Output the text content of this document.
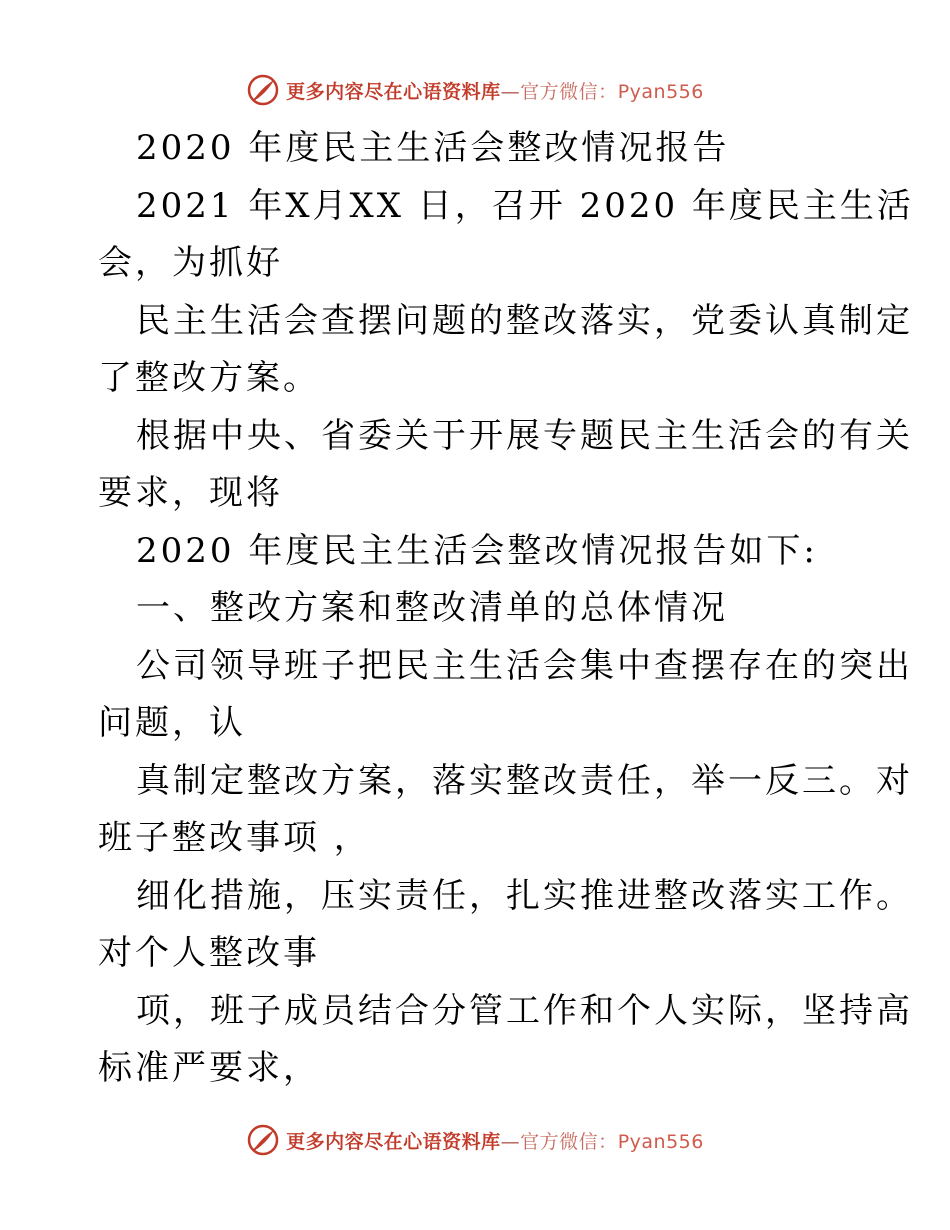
更多内容尽在心语资料库—官方微信：Pyan556
2020 年度民主生活会整改情况报告
2021 年X月XX 日，召开 2020 年度民主生活
会，为抓好
民主生活会查摆问题的整改落实，党委认真制定
了整改方案。
根据中央、省委关于开展专题民主生活会的有关
要求，现将
2020 年度民主生活会整改情况报告如下:
一、整改方案和整改清单的总体情况
公司领导班子把民主生活会集中查摆存在的突出
问题，认
真制定整改方案，落实整改责任，举一反三。对
班子整改事项 ，
细化措施，压实责任，扎实推进整改落实工作。
对个人整改事
项，班子成员结合分管工作和个人实际，坚持高
标准严要求，
更多内容尽在心语资料库—官方微信：Pyan556
